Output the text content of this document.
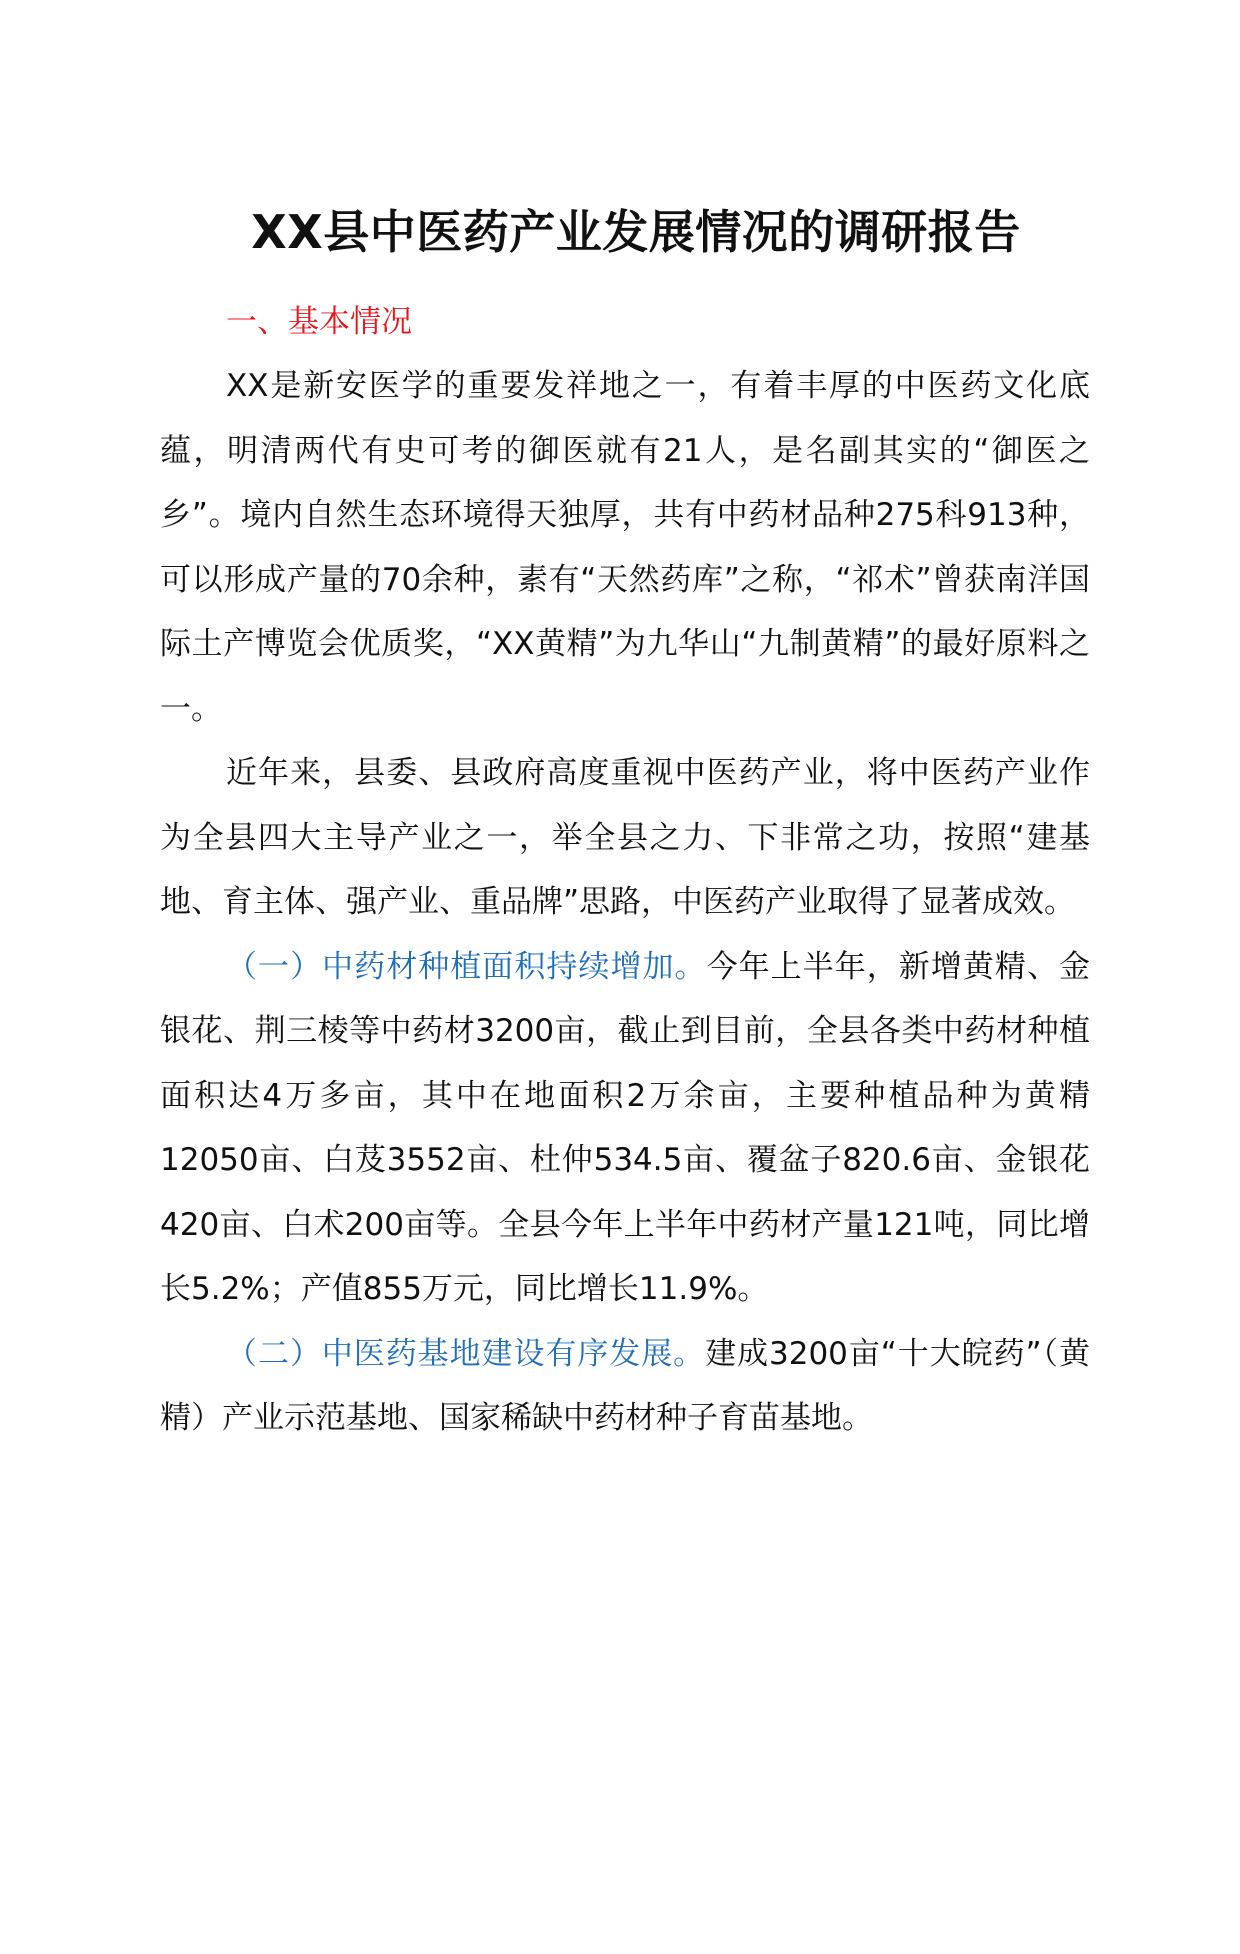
XX县中医药产业发展情况的调研报告

一、基本情况

XX是新安医学的重要发祥地之一，有着丰厚的中医药文化底蕴，明清两代有史可考的御医就有21人，是名副其实的“御医之乡”。境内自然生态环境得天独厚，共有中药材品种275科913种，可以形成产量的70余种，素有“天然药库”之称，“祁术”曾获南洋国际土产博览会优质奖，“XX黄精”为九华山“九制黄精”的最好原料之一。

近年来，县委、县政府高度重视中医药产业，将中医药产业作为全县四大主导产业之一，举全县之力、下非常之功，按照“建基地、育主体、强产业、重品牌”思路，中医药产业取得了显著成效。

（一）中药材种植面积持续增加。今年上半年，新增黄精、金银花、荆三棱等中药材3200亩，截止到目前，全县各类中药材种植面积达4万多亩，其中在地面积2万余亩，主要种植品种为黄精12050亩、白芨3552亩、杜仲534.5亩、覆盆子820.6亩、金银花420亩、白术200亩等。全县今年上半年中药材产量121吨，同比增长5.2%；产值855万元，同比增长11.9%。

（二）中医药基地建设有序发展。建成3200亩“十大皖药”（黄精）产业示范基地、国家稀缺中药材种子育苗基地。
